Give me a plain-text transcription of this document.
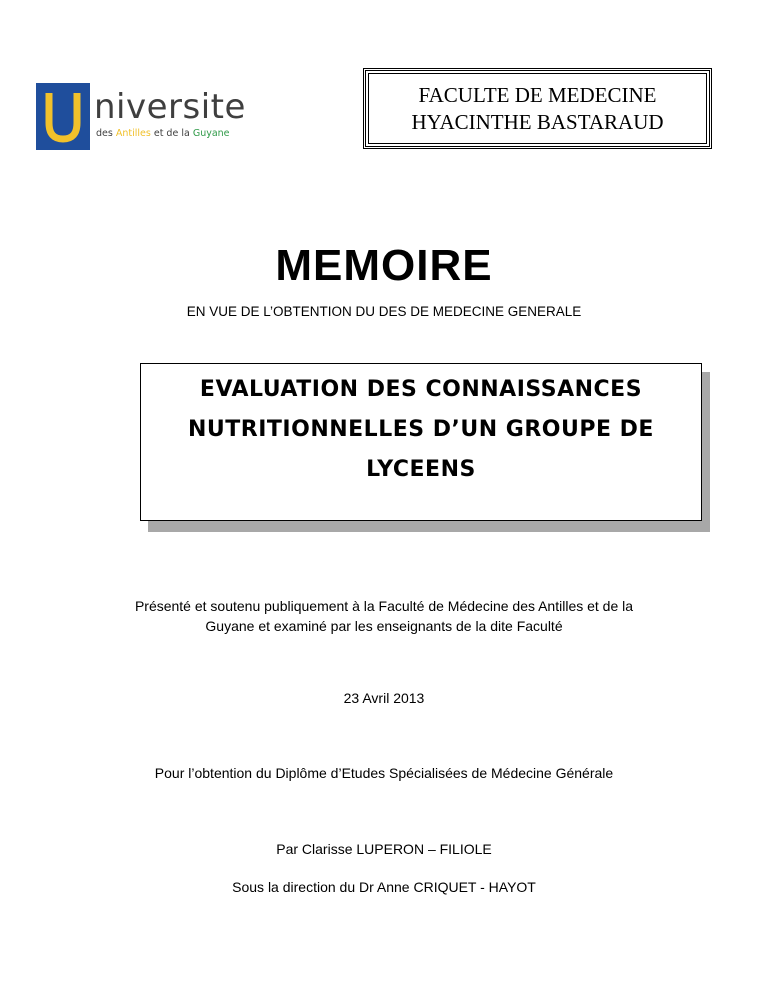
niversite
des Antilles et de la Guyane
FACULTE DE MEDECINE
HYACINTHE BASTARAUD
MEMOIRE
EN VUE DE L’OBTENTION DU DES DE MEDECINE GENERALE
EVALUATION DES CONNAISSANCES
NUTRITIONNELLES D’UN GROUPE DE
LYCEENS
Présenté et soutenu publiquement à la Faculté de Médecine des Antilles et de la
Guyane et examiné par les enseignants de la dite Faculté
23 Avril 2013
Pour l’obtention du Diplôme d’Etudes Spécialisées de Médecine Générale
Par Clarisse LUPERON – FILIOLE
Sous la direction du Dr Anne CRIQUET - HAYOT
